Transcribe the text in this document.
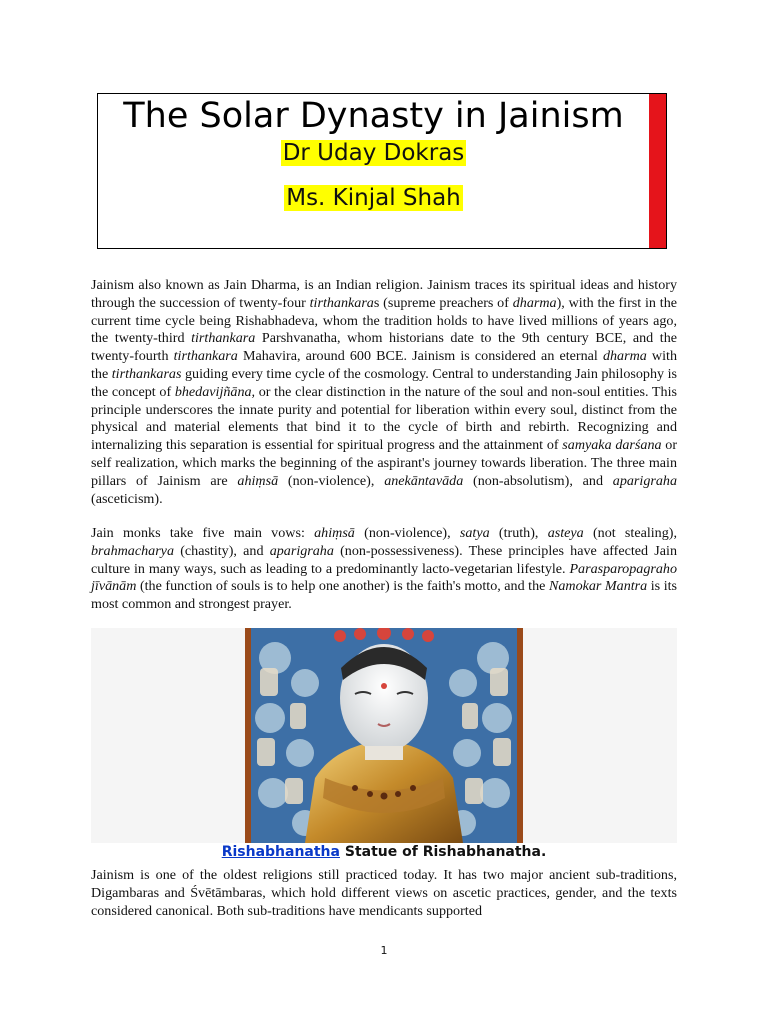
The Solar Dynasty in Jainism
Dr Uday Dokras
Ms. Kinjal Shah

Jainism also known as Jain Dharma, is an Indian religion. Jainism traces its spiritual ideas and history through the succession of twenty-four tirthankaras (supreme preachers of dharma), with the first in the current time cycle being Rishabhadeva, whom the tradition holds to have lived millions of years ago, the twenty-third tirthankara Parshvanatha, whom historians date to the 9th century BCE, and the twenty-fourth tirthankara Mahavira, around 600 BCE. Jainism is considered an eternal dharma with the tirthankaras guiding every time cycle of the cosmology. Central to understanding Jain philosophy is the concept of bhedavijñāna, or the clear distinction in the nature of the soul and non-soul entities. This principle underscores the innate purity and potential for liberation within every soul, distinct from the physical and material elements that bind it to the cycle of birth and rebirth. Recognizing and internalizing this separation is essential for spiritual progress and the attainment of samyaka darśana or self realization, which marks the beginning of the aspirant's journey towards liberation. The three main pillars of Jainism are ahiṃsā (non-violence), anekāntavāda (non-absolutism), and aparigraha (asceticism).

Jain monks take five main vows: ahiṃsā (non-violence), satya (truth), asteya (not stealing), brahmacharya (chastity), and aparigraha (non-possessiveness). These principles have affected Jain culture in many ways, such as leading to a predominantly lacto-vegetarian lifestyle. Parasparopagraho jīvānām (the function of souls is to help one another) is the faith's motto, and the Namokar Mantra is its most common and strongest prayer.

Rishabhanatha Statue of Rishabhanatha.

Jainism is one of the oldest religions still practiced today. It has two major ancient sub-traditions, Digambaras and Śvētāmbaras, which hold different views on ascetic practices, gender, and the texts considered canonical. Both sub-traditions have mendicants supported

1
